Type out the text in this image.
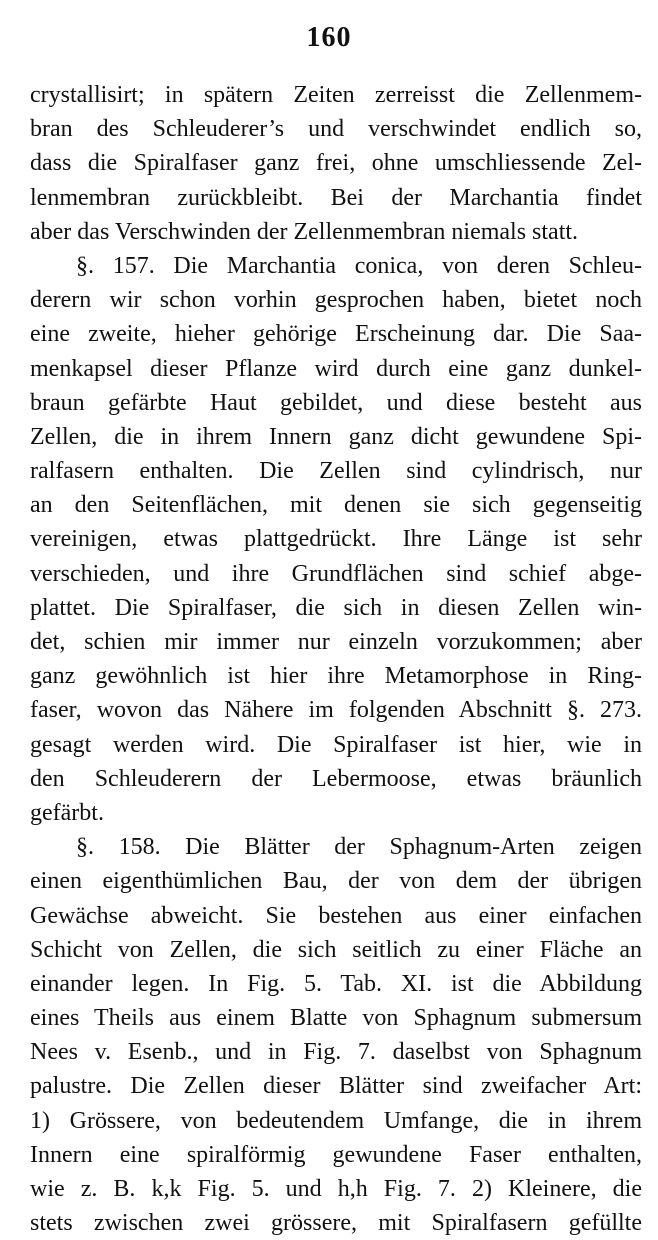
160
crystallisirt; in spätern Zeiten zerreisst die Zellenmem-
bran des Schleuderer’s und verschwindet endlich so,
dass die Spiralfaser ganz frei, ohne umschliessende Zel-
lenmembran zurückbleibt. Bei der Marchantia findet
aber das Verschwinden der Zellenmembran niemals statt.
§. 157. Die Marchantia conica, von deren Schleu-
derern wir schon vorhin gesprochen haben, bietet noch
eine zweite, hieher gehörige Erscheinung dar. Die Saa-
menkapsel dieser Pflanze wird durch eine ganz dunkel-
braun gefärbte Haut gebildet, und diese besteht aus
Zellen, die in ihrem Innern ganz dicht gewundene Spi-
ralfasern enthalten. Die Zellen sind cylindrisch, nur
an den Seitenflächen, mit denen sie sich gegenseitig
vereinigen, etwas plattgedrückt. Ihre Länge ist sehr
verschieden, und ihre Grundflächen sind schief abge-
plattet. Die Spiralfaser, die sich in diesen Zellen win-
det, schien mir immer nur einzeln vorzukommen; aber
ganz gewöhnlich ist hier ihre Metamorphose in Ring-
faser, wovon das Nähere im folgenden Abschnitt §. 273.
gesagt werden wird. Die Spiralfaser ist hier, wie in
den Schleuderern der Lebermoose, etwas bräunlich
gefärbt.
§. 158. Die Blätter der Sphagnum-Arten zeigen
einen eigenthümlichen Bau, der von dem der übrigen
Gewächse abweicht. Sie bestehen aus einer einfachen
Schicht von Zellen, die sich seitlich zu einer Fläche an
einander legen. In Fig. 5. Tab. XI. ist die Abbildung
eines Theils aus einem Blatte von Sphagnum submersum
Nees v. Esenb., und in Fig. 7. daselbst von Sphagnum
palustre. Die Zellen dieser Blätter sind zweifacher Art:
1) Grössere, von bedeutendem Umfange, die in ihrem
Innern eine spiralförmig gewundene Faser enthalten,
wie z. B. k,k Fig. 5. und h,h Fig. 7. 2) Kleinere, die
stets zwischen zwei grössere, mit Spiralfasern gefüllte
